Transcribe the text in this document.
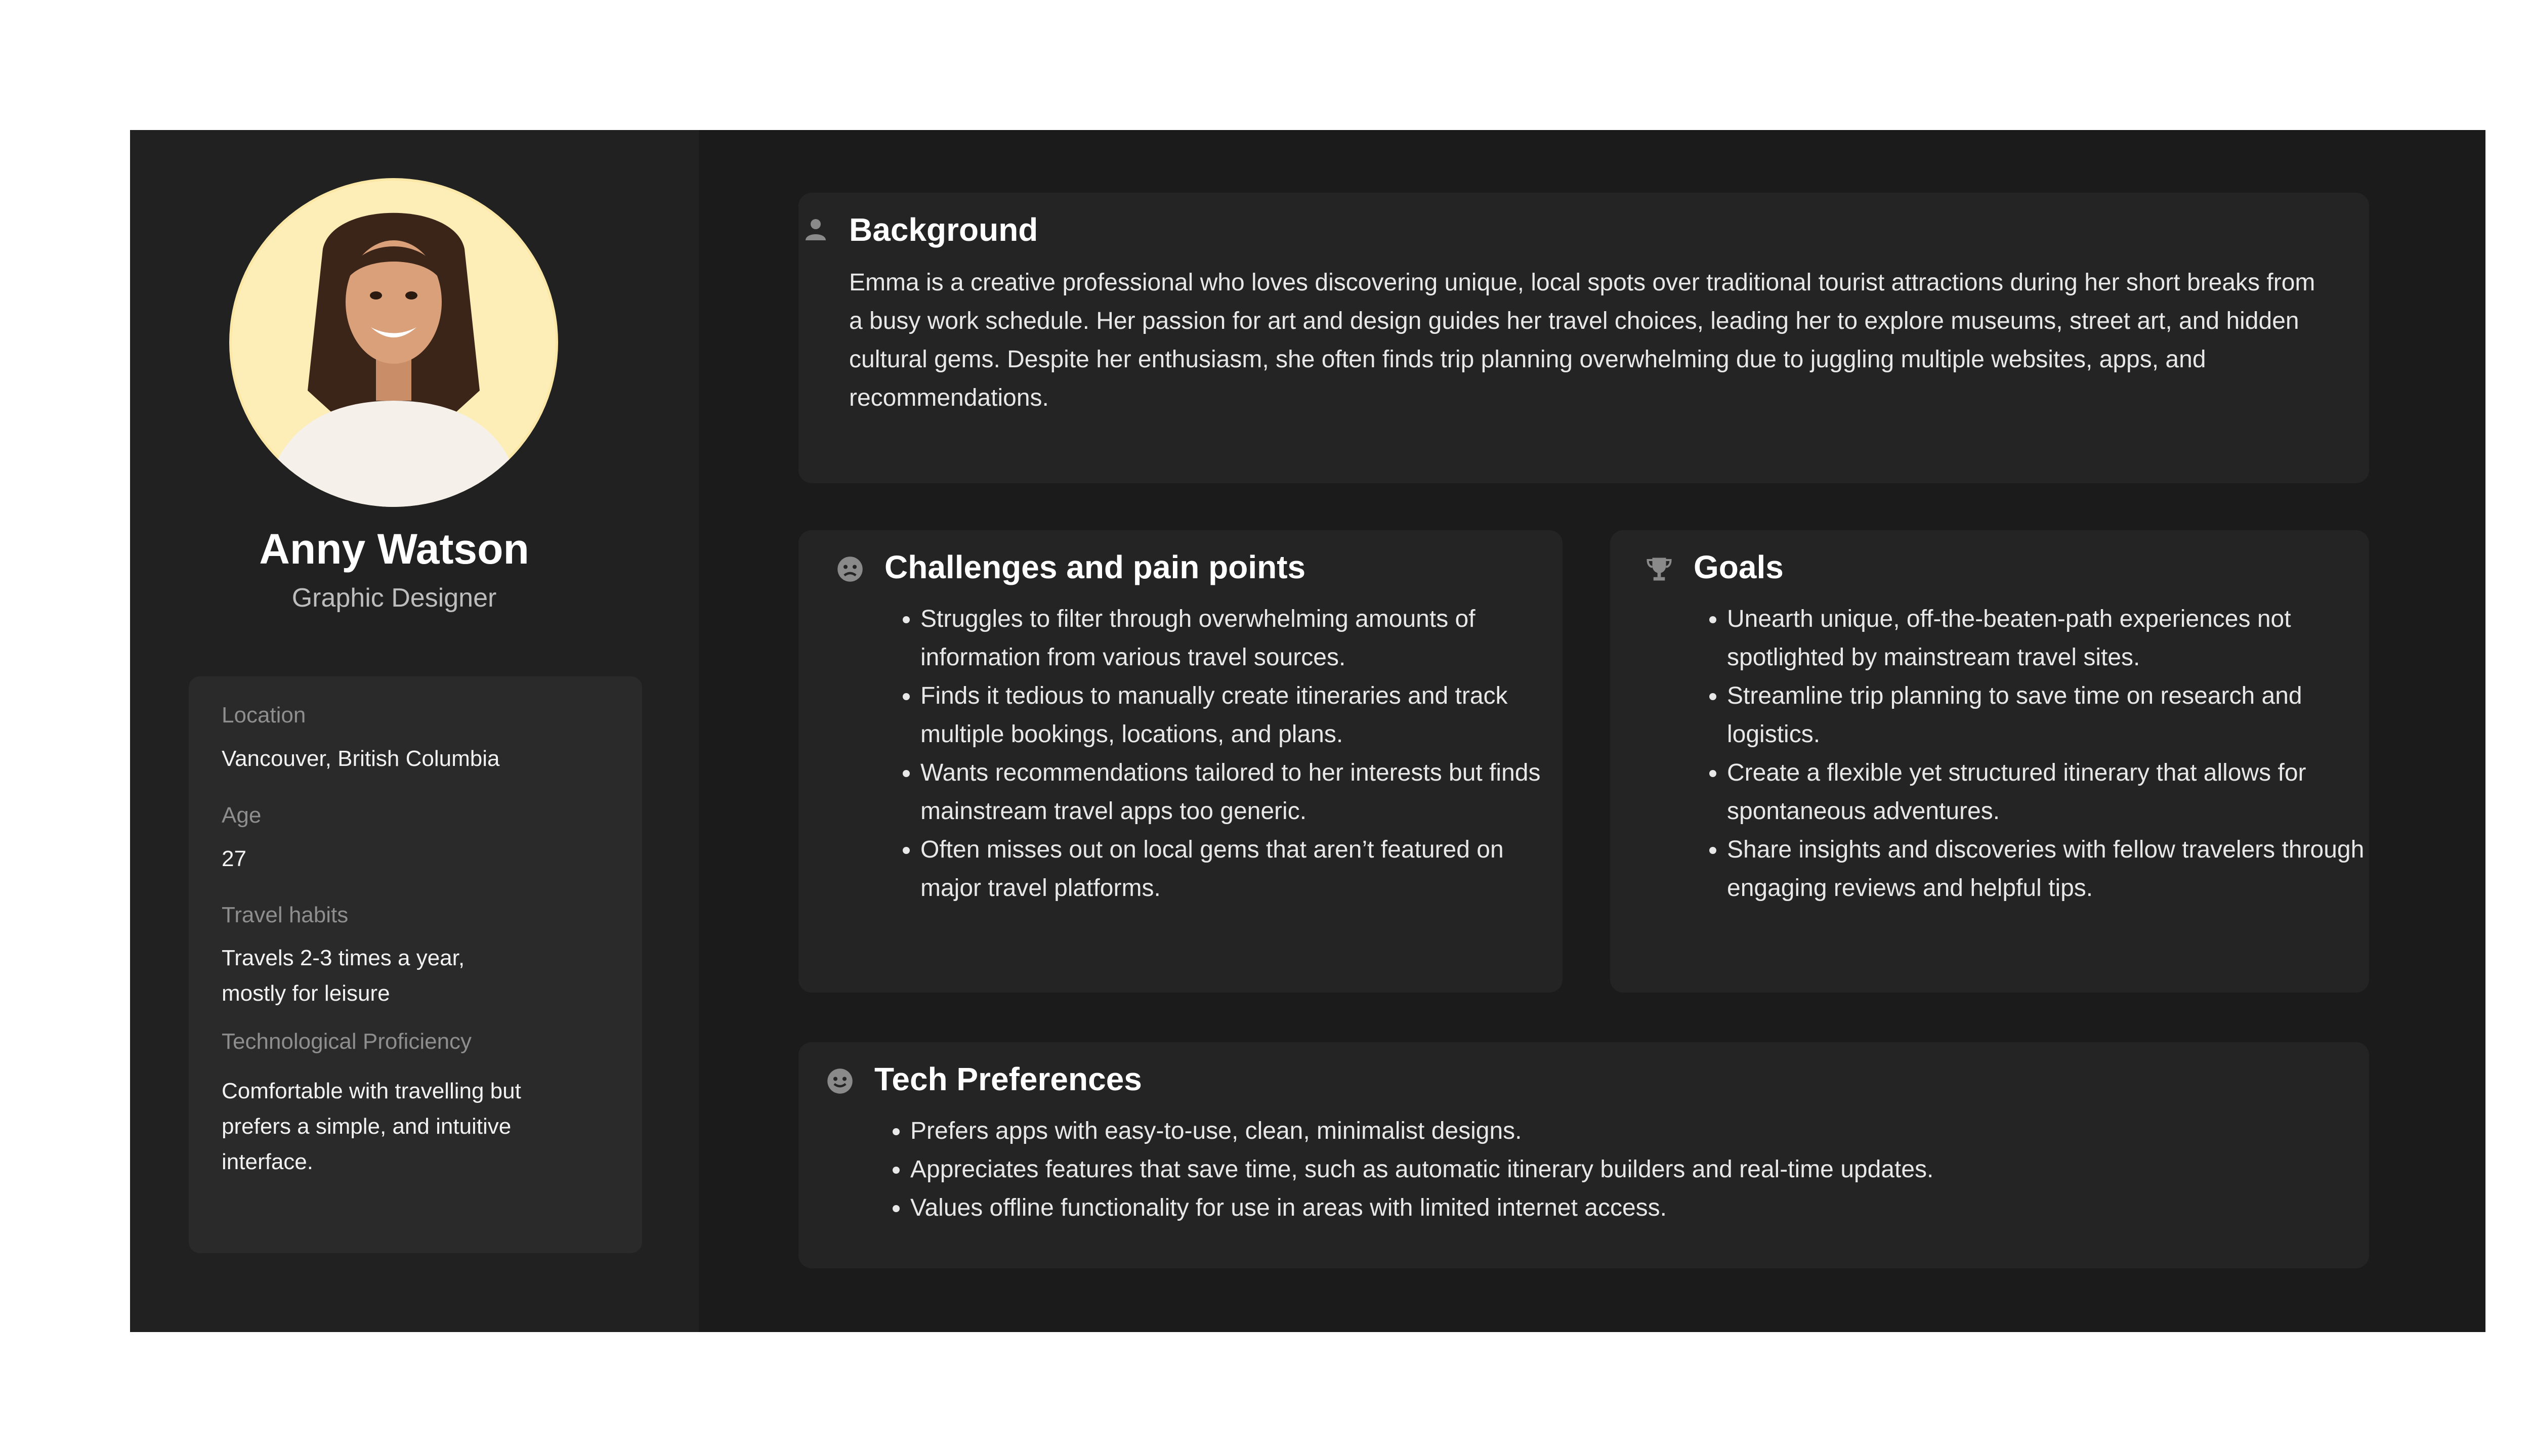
Anny Watson
Graphic Designer
Location
Vancouver, British Columbia
Age
27
Travel habits
Travels 2-3 times a year, mostly for leisure
Technological Proficiency
Comfortable with travelling but prefers a simple, and intuitive interface.
Background

Emma is a creative professional who loves discovering unique, local spots over traditional tourist attractions during her short breaks from a busy work schedule. Her passion for art and design guides her travel choices, leading her to explore museums, street art, and hidden cultural gems. Despite her enthusiasm, she often finds trip planning overwhelming due to juggling multiple websites, apps, and recommendations.

Challenges and pain points
• Struggles to filter through overwhelming amounts of information from various travel sources.
• Finds it tedious to manually create itineraries and track multiple bookings, locations, and plans.
• Wants recommendations tailored to her interests but finds mainstream travel apps too generic.
• Often misses out on local gems that aren’t featured on major travel platforms.
Goals
• Unearth unique, off-the-beaten-path experiences not spotlighted by mainstream travel sites.
• Streamline trip planning to save time on research and logistics.
• Create a flexible yet structured itinerary that allows for spontaneous adventures.
• Share insights and discoveries with fellow travelers through engaging reviews and helpful tips.
Tech Preferences
• Prefers apps with easy-to-use, clean, minimalist designs.
• Appreciates features that save time, such as automatic itinerary builders and real-time updates.
• Values offline functionality for use in areas with limited internet access.
